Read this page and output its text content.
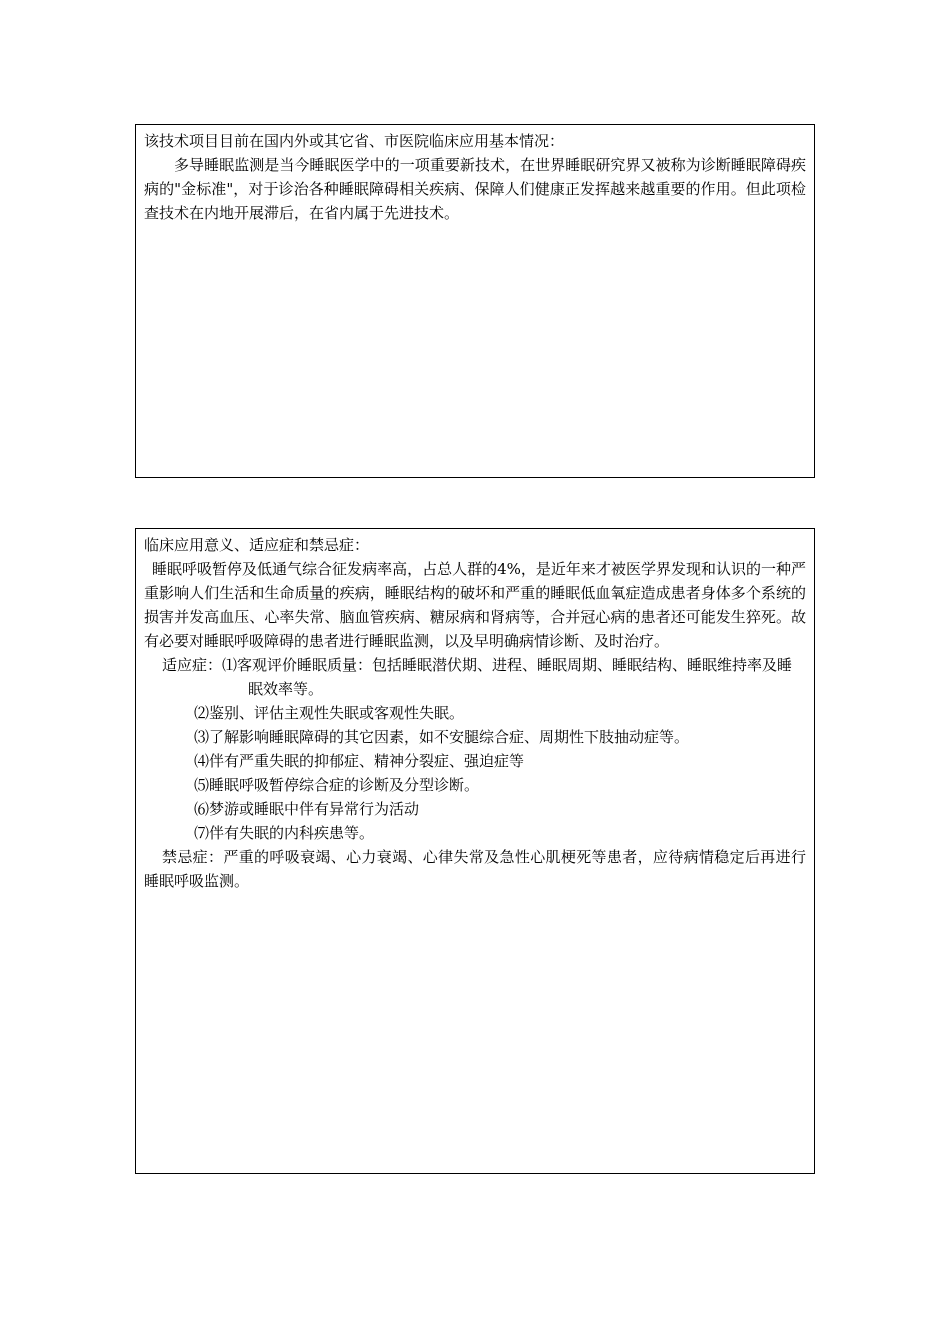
该技术项目目前在国内外或其它省、市医院临床应用基本情况：

多导睡眠监测是当今睡眠医学中的一项重要新技术，在世界睡眠研究界又被称为诊断睡眠障碍疾病的"金标准"，对于诊治各种睡眠障碍相关疾病、保障人们健康正发挥越来越重要的作用。但此项检查技术在内地开展滞后，在省内属于先进技术。

临床应用意义、适应症和禁忌症：

睡眠呼吸暂停及低通气综合征发病率高，占总人群的4%，是近年来才被医学界发现和认识的一种严重影响人们生活和生命质量的疾病，睡眠结构的破坏和严重的睡眠低血氧症造成患者身体多个系统的损害并发高血压、心率失常、脑血管疾病、糖尿病和肾病等，合并冠心病的患者还可能发生猝死。故有必要对睡眠呼吸障碍的患者进行睡眠监测，以及早明确病情诊断、及时治疗。

适应症：⑴客观评价睡眠质量：包括睡眠潜伏期、进程、睡眠周期、睡眠结构、睡眠维持率及睡眠效率等。

⑵鉴别、评估主观性失眠或客观性失眠。

⑶了解影响睡眠障碍的其它因素，如不安腿综合症、周期性下肢抽动症等。

⑷伴有严重失眠的抑郁症、精神分裂症、强迫症等

⑸睡眠呼吸暂停综合症的诊断及分型诊断。

⑹梦游或睡眠中伴有异常行为活动

⑺伴有失眠的内科疾患等。

禁忌症：严重的呼吸衰竭、心力衰竭、心律失常及急性心肌梗死等患者，应待病情稳定后再进行睡眠呼吸监测。
